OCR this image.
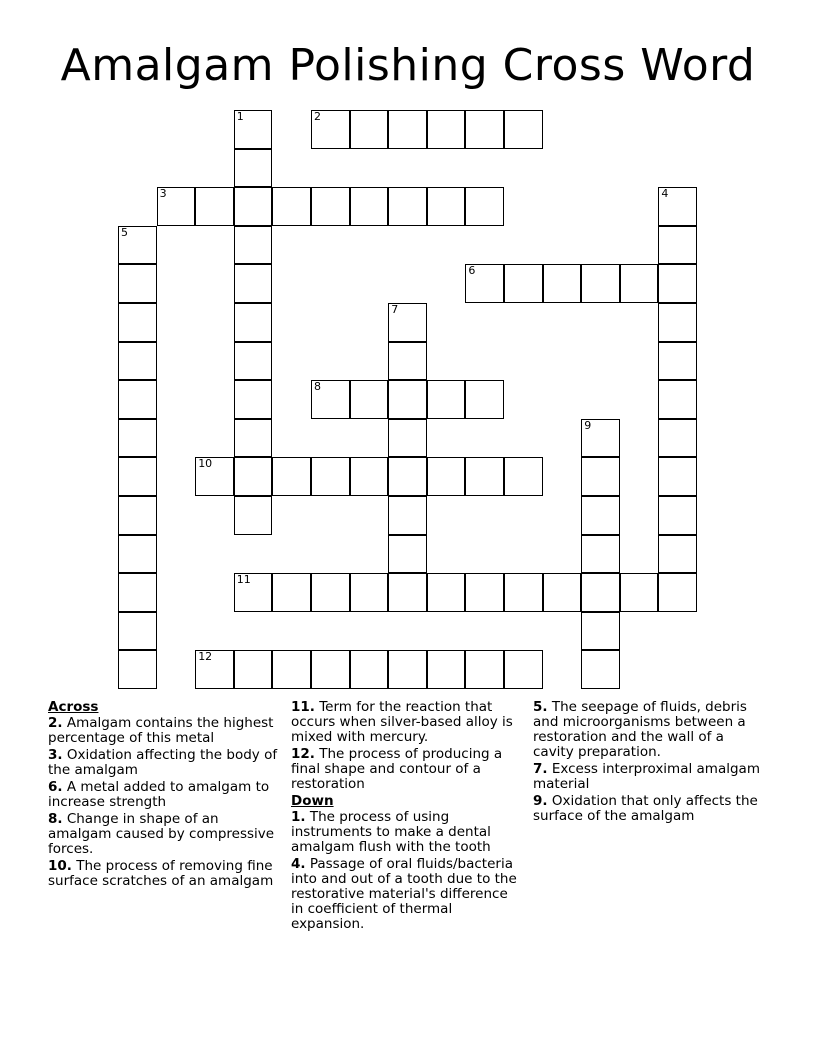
Amalgam Polishing Cross Word
1	2
3	4
5
6
7
8
9
10
11
12
Across
2. Amalgam contains the highest percentage of this metal
3. Oxidation affecting the body of the amalgam
6. A metal added to amalgam to increase strength
8. Change in shape of an amalgam caused by compressive forces.
10. The process of removing fine surface scratches of an amalgam
11. Term for the reaction that occurs when silver-based alloy is mixed with mercury.
12. The process of producing a final shape and contour of a restoration
Down
1. The process of using instruments to make a dental amalgam flush with the tooth
4. Passage of oral fluids/bacteria into and out of a tooth due to the restorative material's difference in coefficient of thermal expansion.
5. The seepage of fluids, debris and microorganisms between a restoration and the wall of a cavity preparation.
7. Excess interproximal amalgam material
9. Oxidation that only affects the surface of the amalgam
